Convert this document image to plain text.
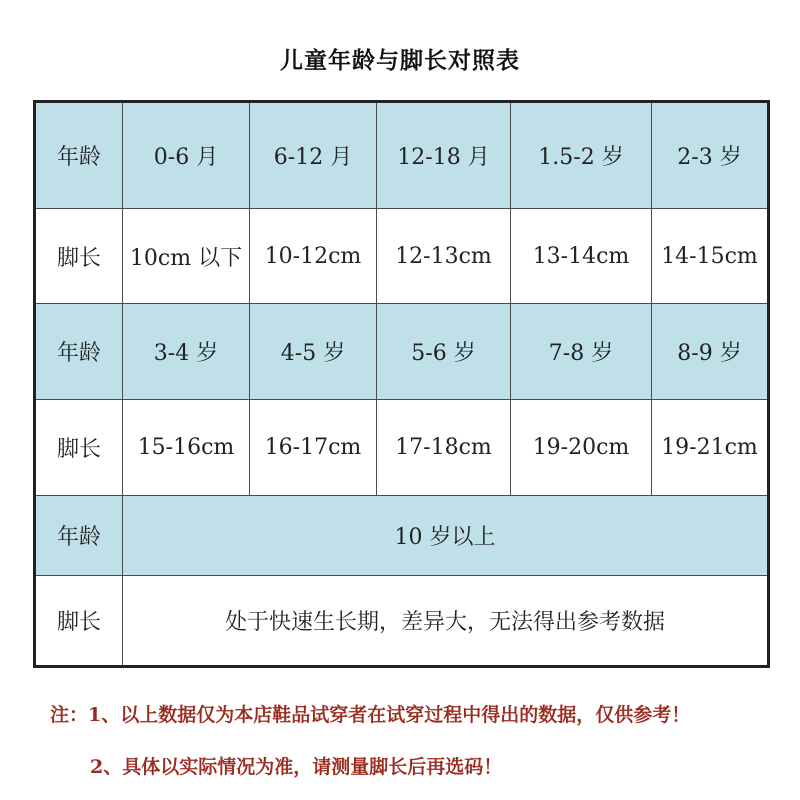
儿童年龄与脚长对照表
年龄	0-6 月	6-12 月	12-18 月	1.5-2 岁	2-3 岁
脚长	10cm 以下	10-12cm	12-13cm	13-14cm	14-15cm
年龄	3-4 岁	4-5 岁	5-6 岁	7-8 岁	8-9 岁
脚长	15-16cm	16-17cm	17-18cm	19-20cm	19-21cm
年龄	10 岁以上				
脚长	处于快速生长期，差异大，无法得出参考数据				
注：1、以上数据仅为本店鞋品试穿者在试穿过程中得出的数据，仅供参考！
2、具体以实际情况为准，请测量脚长后再选码！
